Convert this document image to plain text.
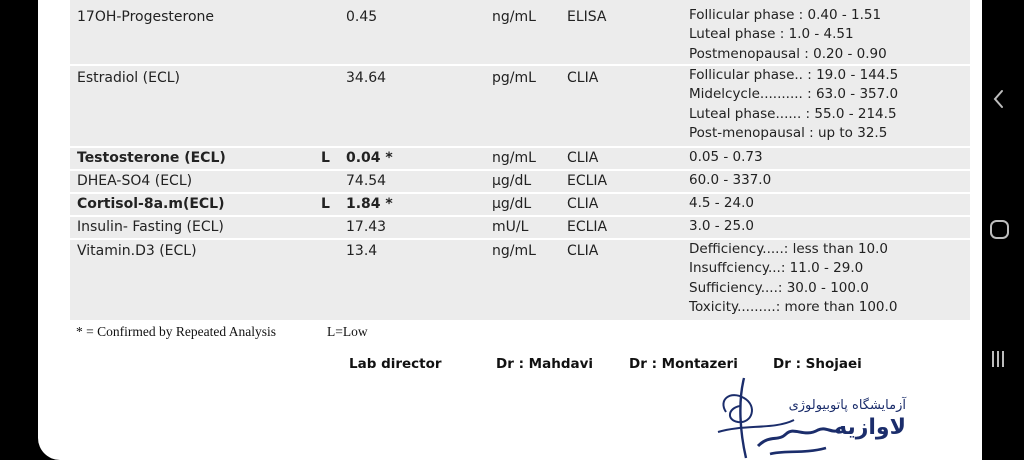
17OH-Progesterone	0.45	ng/mL ELISA	Follicular phase : 0.40 - 1.51
Luteal phase : 1.0 - 4.51
Postmenopausal : 0.20 - 0.90
Estradiol (ECL)	34.64	pg/mL CLIA	Follicular phase.. : 19.0 - 144.5
Midelcycle.......... : 63.0 - 357.0
Luteal phase...... : 55.0 - 214.5
Post-menopausal : up to 32.5
Testosterone (ECL)	L 0.04 *	ng/mL CLIA	0.05 - 0.73
DHEA-SO4 (ECL)	74.54	µg/dL	ECLIA	60.0 - 337.0
Cortisol-8a.m(ECL)	L 1.84 *	µg/dL	CLIA	4.5 - 24.0
Insulin- Fasting (ECL)	17.43	mU/L	ECLIA	3.0 - 25.0
Vitamin.D3 (ECL)	13.4	ng/mL CLIA	Defficiency.....: less than 10.0
Insuffciency...: 11.0 - 29.0
Sufficiency....: 30.0 - 100.0
Toxicity.........: more than 100.0
* = Confirmed by Repeated Analysis	L=Low
Lab director	Dr : Mahdavi	Dr : Montazeri	Dr : Shojaei
آزمایشگاه پاتوبیولوژی
لاوازیه
